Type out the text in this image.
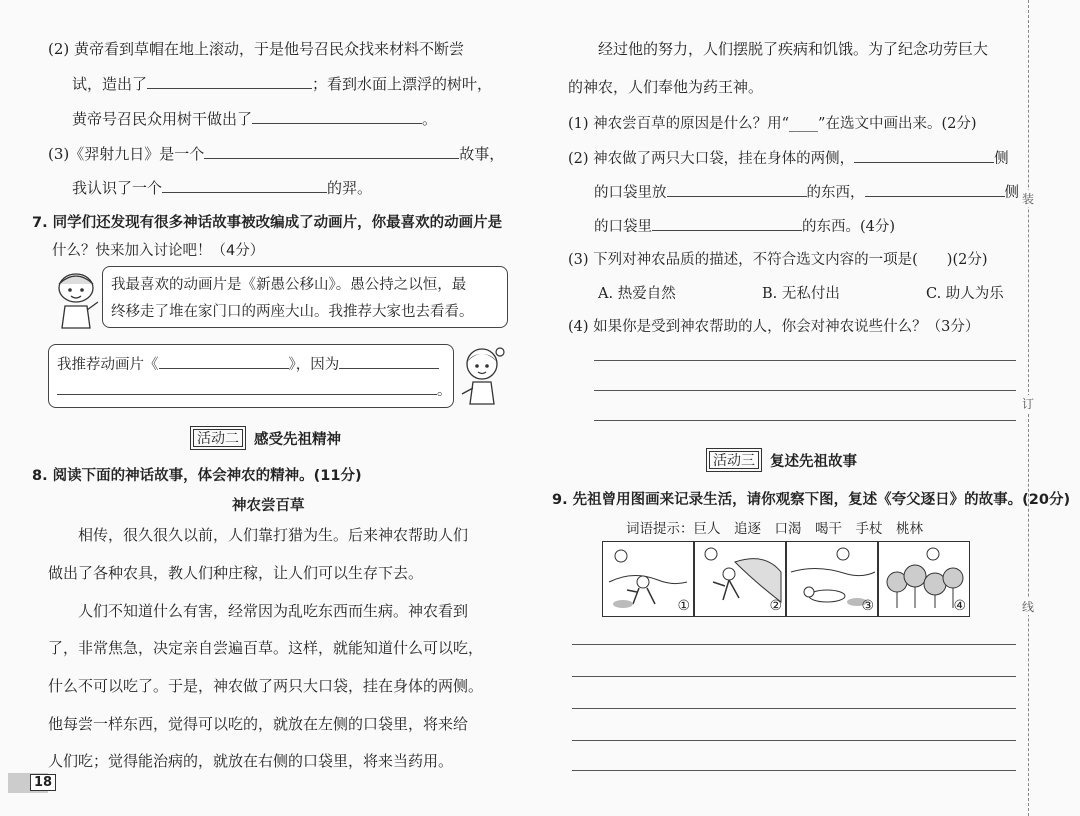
装
订
线
(2) 黄帝看到草帽在地上滚动，于是他号召民众找来材料不断尝
试，造出了	；看到水面上漂浮的树叶，
黄帝号召民众用树干做出了	。
(3)《羿射九日》是一个	故事，
我认识了一个	的羿。
7. 同学们还发现有很多神话故事被改编成了动画片，你最喜欢的动画片是
什么？快来加入讨论吧！（4分）
我最喜欢的动画片是《新愚公移山》。愚公持之以恒，最
终移走了堆在家门口的两座大山。我推荐大家也去看看。
我推荐动画片《	》，因为
。
活动二	感受先祖精神
8. 阅读下面的神话故事，体会神农的精神。(11分)
神农尝百草
相传，很久很久以前，人们靠打猎为生。后来神农帮助人们
做出了各种农具，教人们种庄稼，让人们可以生存下去。
人们不知道什么有害，经常因为乱吃东西而生病。神农看到
了，非常焦急，决定亲自尝遍百草。这样，就能知道什么可以吃，
什么不可以吃了。于是，神农做了两只大口袋，挂在身体的两侧。
他每尝一样东西，觉得可以吃的，就放在左侧的口袋里，将来给
人们吃；觉得能治病的，就放在右侧的口袋里，将来当药用。
18
经过他的努力，人们摆脱了疾病和饥饿。为了纪念功劳巨大
的神农，人们奉他为药王神。
(1) 神农尝百草的原因是什么？用“____”在选文中画出来。(2分)
(2) 神农做了两只大口袋，挂在身体的两侧，	侧
的口袋里放	的东西，	侧
的口袋里	的东西。(4分)
(3) 下列对神农品质的描述，不符合选文内容的一项是(　　)(2分)
A. 热爱自然	B. 无私付出	C. 助人为乐
(4) 如果你是受到神农帮助的人，你会对神农说些什么？（3分）
活动三	复述先祖故事
9. 先祖曾用图画来记录生活，请你观察下图，复述《夸父逐日》的故事。(20分)
词语提示：巨人　追逐　口渴　喝干　手杖　桃林
①	②	③	④
